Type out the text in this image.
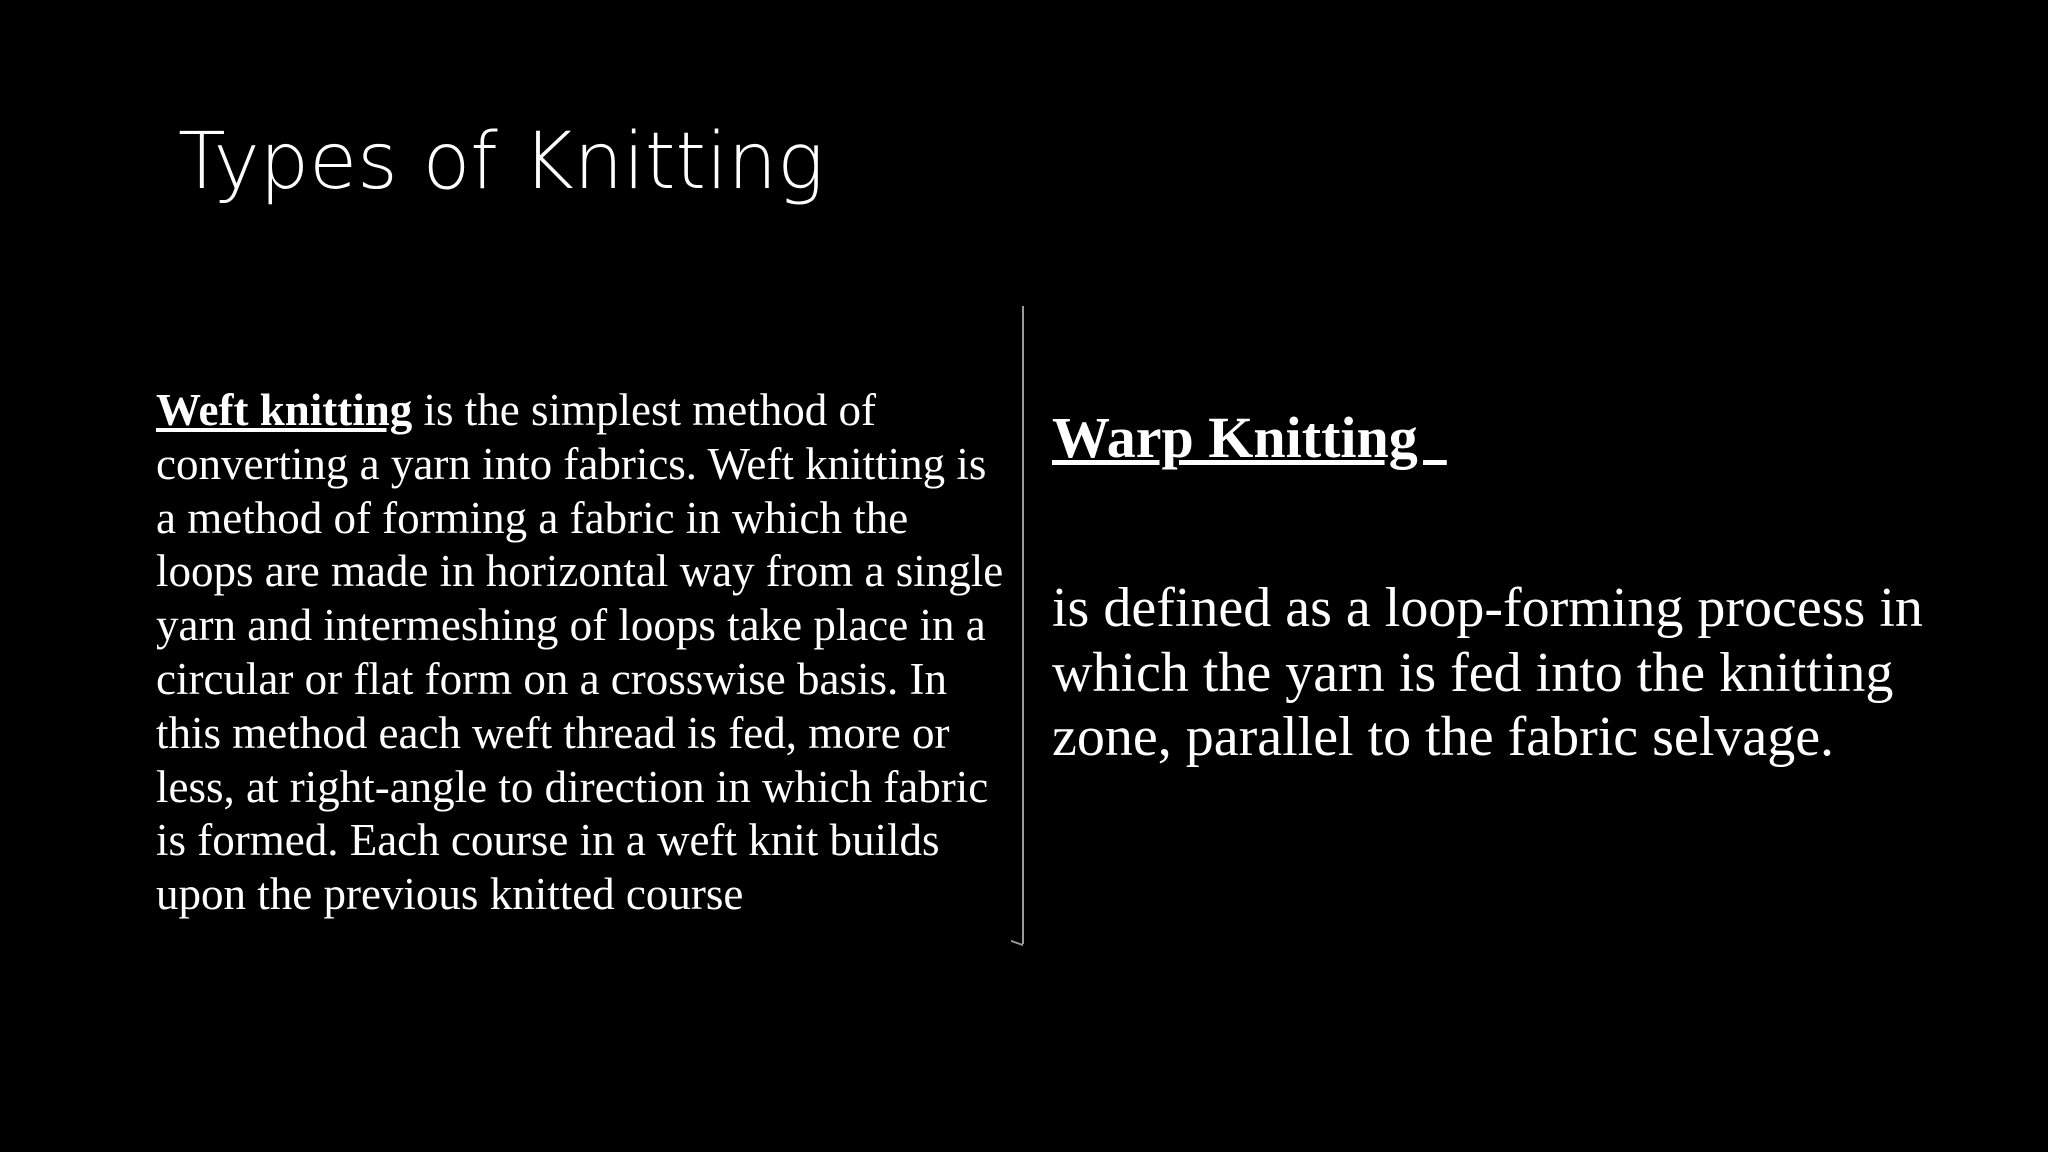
Types of Knitting
Weft knitting is the simplest method of converting a yarn into fabrics. Weft knitting is a method of forming a fabric in which the loops are made in horizontal way from a single yarn and intermeshing of loops take place in a circular or flat form on a crosswise basis. In this method each weft thread is fed, more or less, at right-angle to direction in which fabric is formed. Each course in a weft knit builds upon the previous knitted course
Warp Knitting
is defined as a loop-forming process in which the yarn is fed into the knitting zone, parallel to the fabric selvage.
